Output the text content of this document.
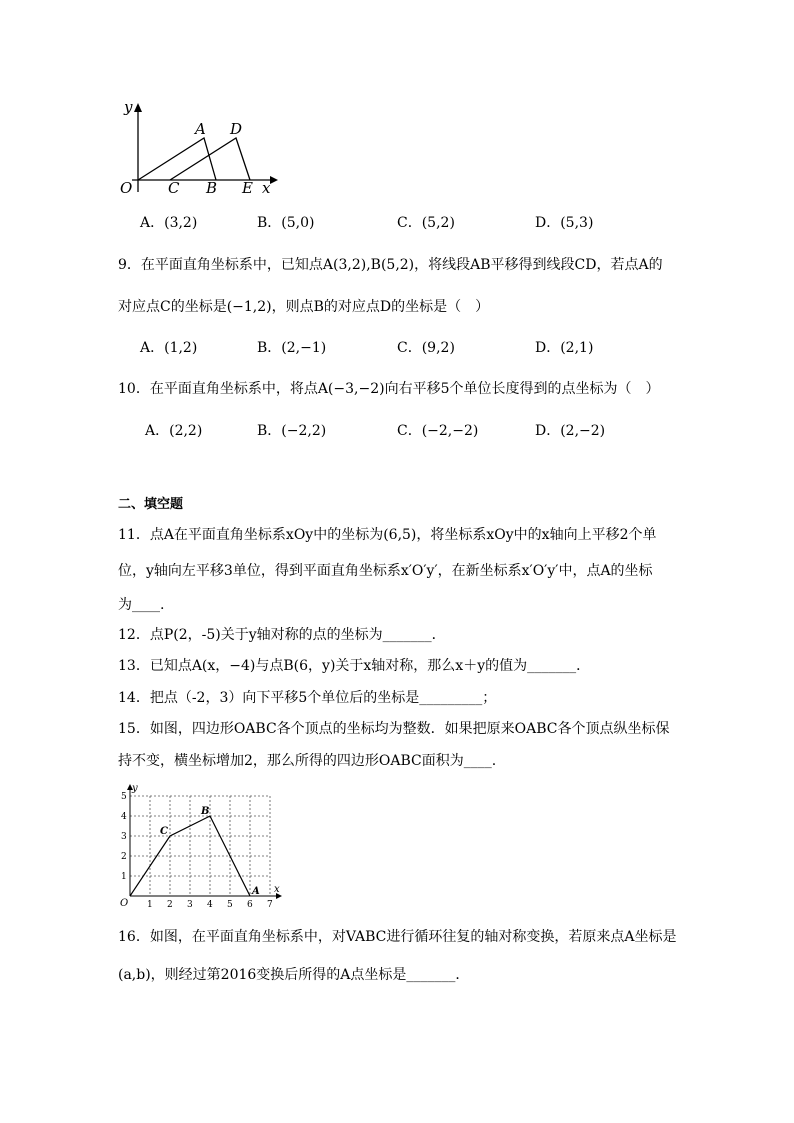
y
x
O
A D
C B E
A．(3,2)	B．(5,0)	C．(5,2)	D．(5,3)
9．在平面直角坐标系中，已知点A(3,2),B(5,2)，将线段AB平移得到线段CD，若点A的
对应点C的坐标是(−1,2)，则点B的对应点D的坐标是（　）
A．(1,2)	B．(2,−1)	C．(9,2)	D．(2,1)
10．在平面直角坐标系中，将点A(−3,−2)向右平移5个单位长度得到的点坐标为（　）
A．(2,2)	B．(−2,2)	C．(−2,−2)	D．(2,−2)
二、填空题
11．点A在平面直角坐标系xOy中的坐标为(6,5)，将坐标系xOy中的x轴向上平移2个单
位，y轴向左平移3单位，得到平面直角坐标系x′O′y′，在新坐标系x′O′y′中，点A的坐标
为____.
12．点P(2，-5)关于y轴对称的点的坐标为_______．
13．已知点A(x，−4)与点B(6，y)关于x轴对称，那么x＋y的值为_______．
14．把点（-2，3）向下平移5个单位后的坐标是_________；
15．如图，四边形OABC各个顶点的坐标均为整数．如果把原来OABC各个顶点纵坐标保
持不变，横坐标增加2，那么所得的四边形OABC面积为____.
y
x
O
C
B
A
1 2 3 4 5 6 7
1
2
3
4
5
16．如图，在平面直角坐标系中，对VABC进行循环往复的轴对称变换，若原来点A坐标是
(a,b)，则经过第2016变换后所得的A点坐标是_______．
